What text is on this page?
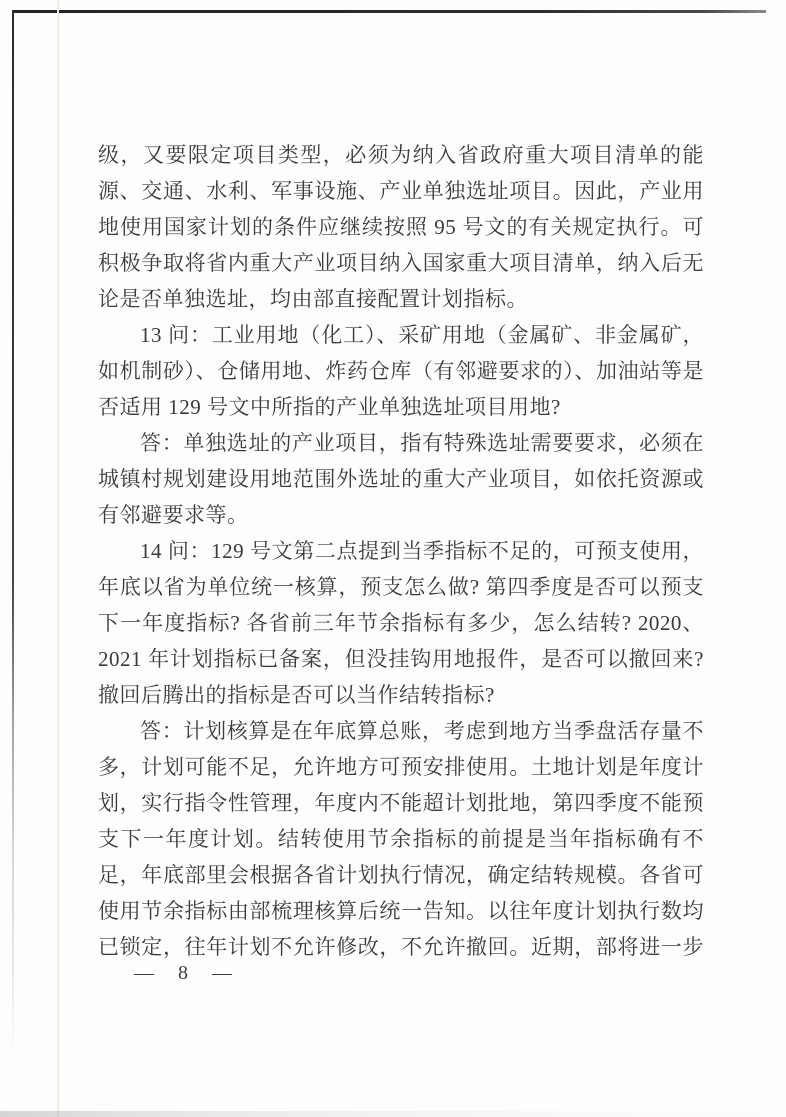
级，又要限定项目类型，必须为纳入省政府重大项目清单的能
源、交通、水利、军事设施、产业单独选址项目。因此，产业用
地使用国家计划的条件应继续按照 95 号文的有关规定执行。可
积极争取将省内重大产业项目纳入国家重大项目清单，纳入后无
论是否单独选址，均由部直接配置计划指标。
13 问：工业用地（化工）、采矿用地（金属矿、非金属矿，
如机制砂）、仓储用地、炸药仓库（有邻避要求的）、加油站等是
否适用 129 号文中所指的产业单独选址项目用地?
答：单独选址的产业项目，指有特殊选址需要要求，必须在
城镇村规划建设用地范围外选址的重大产业项目，如依托资源或
有邻避要求等。
14 问：129 号文第二点提到当季指标不足的，可预支使用，
年底以省为单位统一核算，预支怎么做? 第四季度是否可以预支
下一年度指标? 各省前三年节余指标有多少，怎么结转? 2020、
2021 年计划指标已备案，但没挂钩用地报件，是否可以撤回来?
撤回后腾出的指标是否可以当作结转指标?
答：计划核算是在年底算总账，考虑到地方当季盘活存量不
多，计划可能不足，允许地方可预安排使用。土地计划是年度计
划，实行指令性管理，年度内不能超计划批地，第四季度不能预
支下一年度计划。结转使用节余指标的前提是当年指标确有不
足，年底部里会根据各省计划执行情况，确定结转规模。各省可
使用节余指标由部梳理核算后统一告知。以往年度计划执行数均
已锁定，往年计划不允许修改，不允许撤回。近期，部将进一步
— 8 —
